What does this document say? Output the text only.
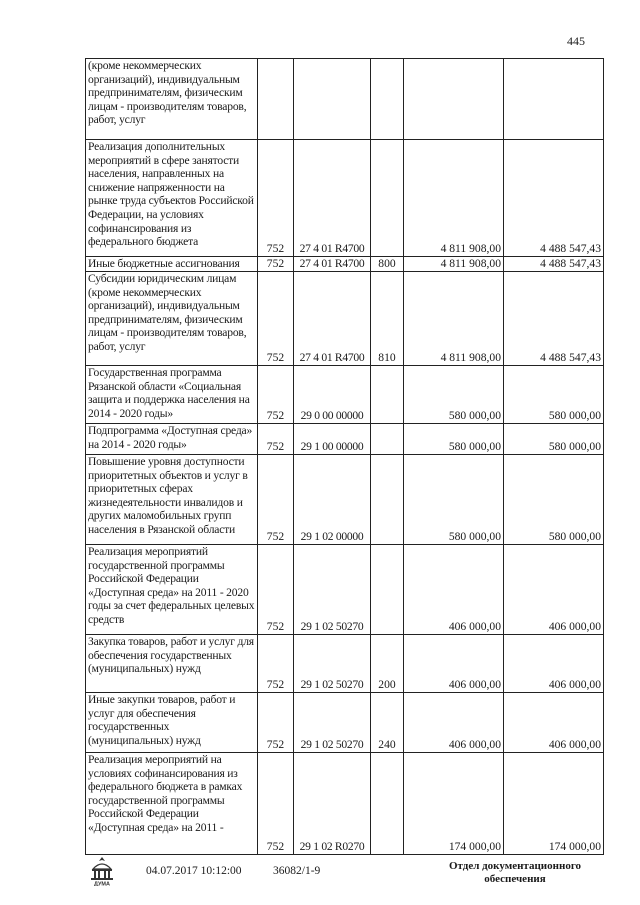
445
(кроме некоммерческих организаций), индивидуальным предпринимателям, физическим лицам - производителям товаров, работ, услуг					
Реализация дополнительных мероприятий в сфере занятости населения, направленных на снижение напряженности на рынке труда субъектов Российской Федерации, на условиях софинансирования из федерального бюджета	752	27 4 01 R4700		4 811 908,00	4 488 547,43
Иные бюджетные ассигнования	752	27 4 01 R4700	800	4 811 908,00	4 488 547,43
Субсидии юридическим лицам (кроме некоммерческих организаций), индивидуальным предпринимателям, физическим лицам - производителям товаров, работ, услуг	752	27 4 01 R4700	810	4 811 908,00	4 488 547,43
Государственная программа Рязанской области «Социальная защита и поддержка населения на 2014 - 2020 годы»	752	29 0 00 00000		580 000,00	580 000,00
Подпрограмма «Доступная среда» на 2014 - 2020 годы»	752	29 1 00 00000		580 000,00	580 000,00
Повышение уровня доступности приоритетных объектов и услуг в приоритетных сферах жизнедеятельности инвалидов и других маломобильных групп населения в Рязанской области	752	29 1 02 00000		580 000,00	580 000,00
Реализация мероприятий государственной программы Российской Федерации «Доступная среда» на 2011 - 2020 годы за счет федеральных целевых средств	752	29 1 02 50270		406 000,00	406 000,00
Закупка товаров, работ и услуг для обеспечения государственных (муниципальных) нужд	752	29 1 02 50270	200	406 000,00	406 000,00
Иные закупки товаров, работ и услуг для обеспечения государственных (муниципальных) нужд	752	29 1 02 50270	240	406 000,00	406 000,00
Реализация мероприятий на условиях софинансирования из федерального бюджета в рамках государственной программы Российской Федерации «Доступная среда» на 2011 -	752	29 1 02 R0270		174 000,00	174 000,00
ДУМА
04.07.2017 10:12:00	36082/1-9	Отдел документационного
обеспечения
